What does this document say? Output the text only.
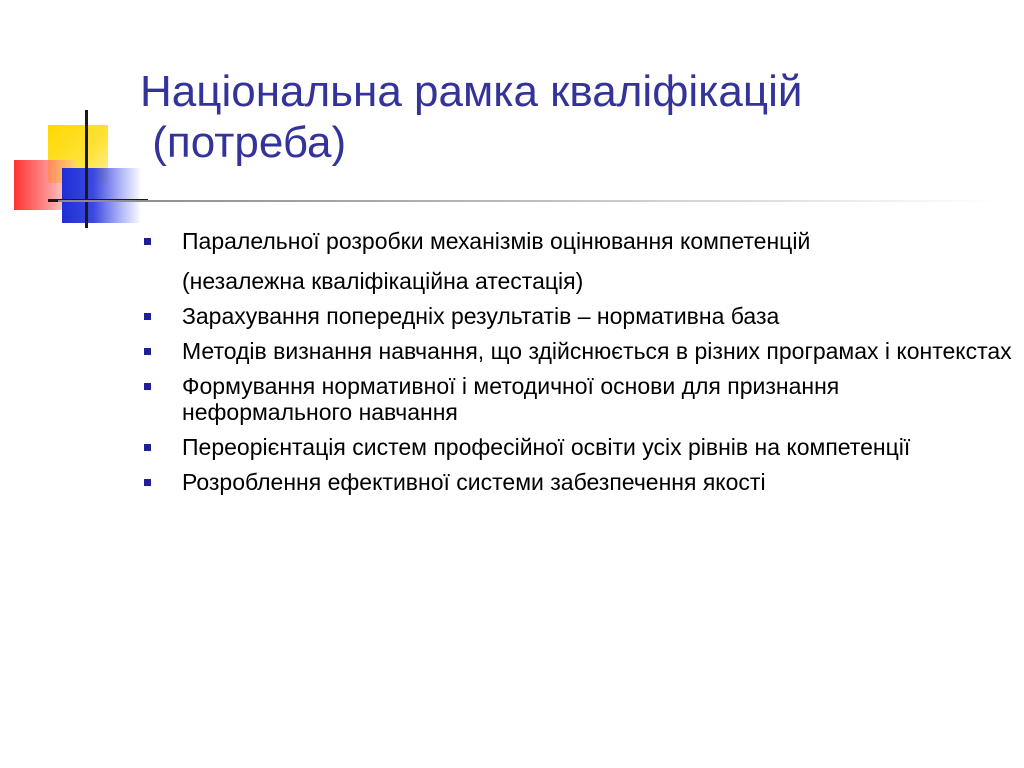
Національна рамка кваліфікацій
(потреба)
Паралельної розробки механізмів оцінювання компетенцій
(незалежна кваліфікаційна атестація)
Зарахування попередніх результатів – нормативна база
Методів визнання навчання, що здійснюється в різних програмах і контекстах
Формування нормативної і методичної основи для признання неформального навчання
Переорієнтація систем професійної освіти усіх рівнів на компетенції
Розроблення ефективної системи забезпечення якості
